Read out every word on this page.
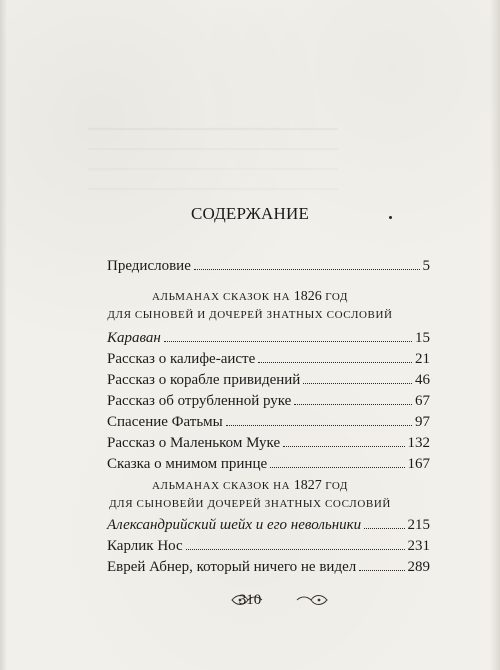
СОДЕРЖАНИЕ
Предисловие	5
АЛЬМАНАХ СКАЗОК НА 1826 ГОД
ДЛЯ СЫНОВЕЙ И ДОЧЕРЕЙ ЗНАТНЫХ СОСЛОВИЙ
Караван	15
Рассказ о калифе-аисте	21
Рассказ о корабле привидений	46
Рассказ об отрубленной руке	67
Спасение Фатьмы	97
Рассказ о Маленьком Муке	132
Сказка о мнимом пpинце	167
АЛЬМАНАХ СКАЗОК НА 1827 ГОД
ДЛЯ СЫНОВЕЙИ ДОЧЕРЕЙ ЗНАТНЫХ СОСЛОВИЙ
Александрийский шейх и его невольники	215
Карлик Нос	231
Еврей Абнер, который ничего не видел	289
310
